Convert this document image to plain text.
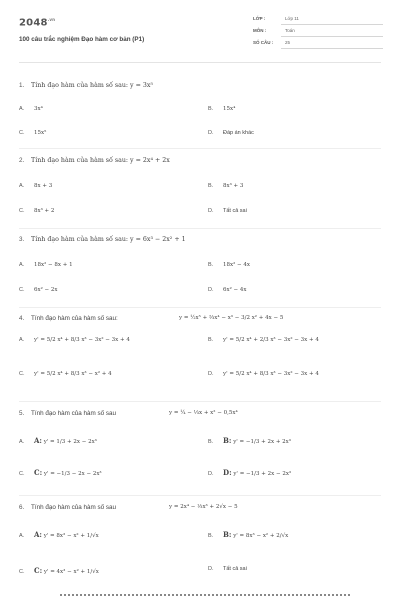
$2048^{.vn}$
100 câu trắc nghiệm Đạo hàm cơ bản (P1)
LỚP :	Lớp 11
MÔN :	Toán
SỐ CÂU :	25
1. Tính đạo hàm của hàm số sau: y = 3x⁵
A. 3x⁴	B. 15x⁴
C. 15x⁵	D. Đáp án khác
2. Tính đạo hàm của hàm số sau: y = 2x⁴ + 2x
A. 8x + 3	B. 8x³ + 3
C. 8x³ + 2	D. Tất cả sai
3. Tính đạo hàm của hàm số sau: y = 6x³ − 2x² + 1
A. 18x² − 8x + 1	B. 18x² − 4x
C. 6x² − 2x	D. 6x² − 4x
4. Tính đạo hàm của hàm số sau:	y = ½x⁵ + ⅔x⁴ − x³ − 3/2 x² + 4x − 5
A. y' = 5/2 x⁴ + 8/3 x³ − 3x² − 3x + 4	B. y' = 5/2 x⁴ + 2/3 x³ − 3x² − 3x + 4
C. y' = 5/2 x⁴ + 8/3 x³ − x² + 4	D. y' = 5/2 x⁴ + 8/3 x³ − 3x² − 3x + 4
5. Tính đạo hàm của hàm số sau	y = ¼ − ⅓x + x² − 0,5x⁴
A. A: y' = 1/3 + 2x − 2x³	B. B: y' = −1/3 + 2x + 2x³
C. C: y' = −1/3 − 2x − 2x³	D. D: y' = −1/3 + 2x − 2x³
6. Tính đạo hàm của hàm số sau	y = 2x⁴ − ⅓x³ + 2√x − 5
A. A: y' = 8x³ − x² + 1/√x	B. B: y' = 8x³ − x² + 2/√x
C. C: y' = 4x³ − x² + 1/√x	D. Tất cả sai
